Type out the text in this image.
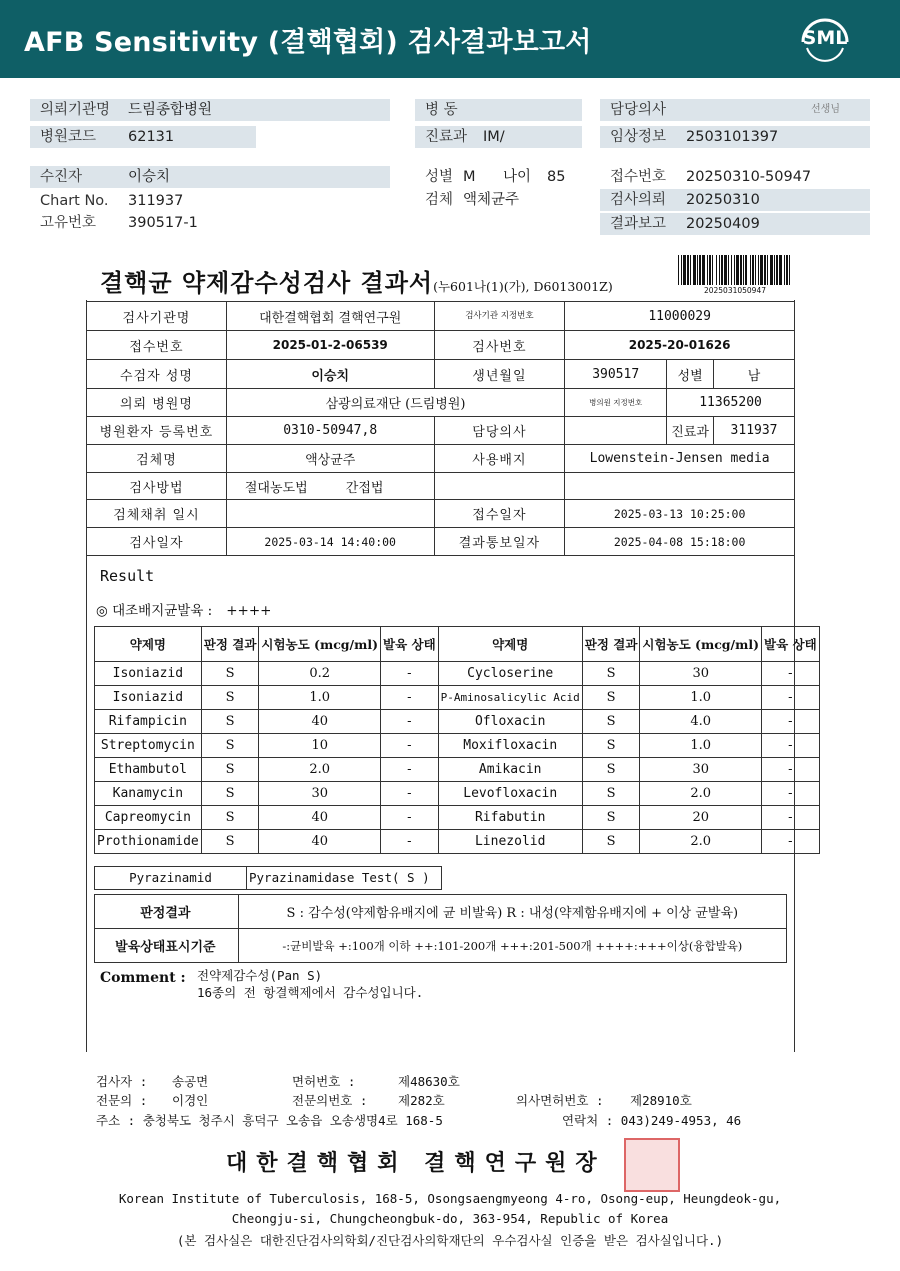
AFB Sensitivity (결핵협회) 검사결과보고서	SML
의뢰기관명 드림종합병원
병원코드 62131
수진자	이승치
Chart No. 311937
고유번호 390517-1
병 동
진료과 IM/
성별 M 나이 85
검체 액체균주
담당의사	선생님
임상정보 2503101397
접수번호 20250310-50947
검사의뢰 20250310
결과보고 20250409
결핵균 약제감수성검사 결과서(누601나(1)(가), D6013001Z)	2025031050947
검사기관명	대한결핵협회 결핵연구원	검사기관 지정번호	11000029		
접수번호	2025-01-2-06539	검사번호	2025-20-01626		
수검자 성명	이승치	생년월일	390517	성별	남
의뢰 병원명	삼광의료재단 (드림병원)		병의원 지정번호	11365200	
병원환자 등록번호	0310-50947,8	담당의사		진료과	311937
검체명	액상균주	사용배지	Lowenstein-Jensen media		
검사방법	절대농도법 간접법				
검체채취 일시		접수일자	2025-03-13 10:25:00		
검사일자	2025-03-14 14:40:00	결과통보일자	2025-04-08 15:18:00		
Result
◎ 대조배지균발육 : ++++
약제명	판정 결과	시험농도 (mcg/ml)	발육 상태	약제명	판정 결과	시험농도 (mcg/ml)	발육 상태
Isoniazid	S	0.2	-	Cycloserine	S	30	-
Isoniazid	S	1.0	-	P-Aminosalicylic Acid	S	1.0	-
Rifampicin	S	40	-	Ofloxacin	S	4.0	-
Streptomycin	S	10	-	Moxifloxacin	S	1.0	-
Ethambutol	S	2.0	-	Amikacin	S	30	-
Kanamycin	S	30	-	Levofloxacin	S	2.0	-
Capreomycin	S	40	-	Rifabutin	S	20	-
Prothionamide	S	40	-	Linezolid	S	2.0	-
Pyrazinamid	Pyrazinamidase Test( S )
판정결과	S : 감수성(약제함유배지에 균 비발육) R : 내성(약제함유배지에 + 이상 균발육)
발육상태표시기준	-:균비발육 +:100개 이하 ++:101-200개 +++:201-500개 ++++:+++이상(융합발육)
Comment : 전약제감수성(Pan S)
16종의 전 항결핵제에서 감수성입니다.
검사자 : 송공면	면허번호 :	제48630호
전문의 : 이경인	전문의번호 : 제282호	의사면허번호 : 제28910호
주소 : 충청북도 청주시 흥덕구 오송읍 오송생명4로 168-5	연락처 : 043)249-4953, 46
대한결핵협회 결핵연구원장
Korean Institute of Tuberculosis, 168-5, Osongsaengmyeong 4-ro, Osong-eup, Heungdeok-gu,
Cheongju-si, Chungcheongbuk-do, 363-954, Republic of Korea
(본 검사실은 대한진단검사의학회/진단검사의학재단의 우수검사실 인증을 받은 검사실입니다.)
